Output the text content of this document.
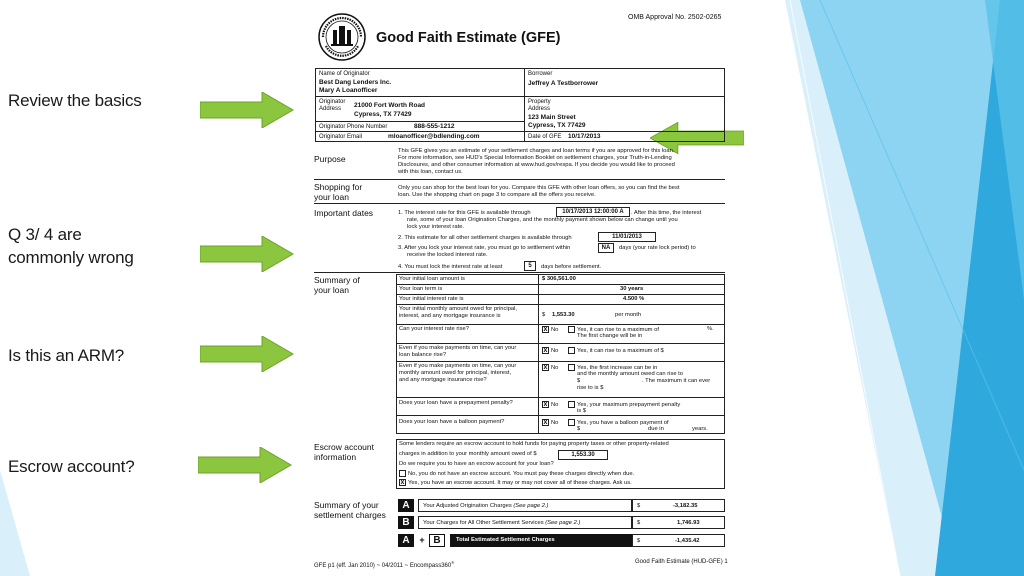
Review the basics
Q 3/ 4 are
commonly wrong
Is this an ARM?
Escrow account?
OMB Approval No. 2502-0265
Good Faith Estimate (GFE)
Name of Originator
Best Dang Lenders Inc.
Mary A Loanofficer
Originator
Address 21000 Fort Worth Road
Cypress, TX 77429
Originator Phone Number	888-555-1212
Originator Email	mloanofficer@bdlending.com
Borrower
Jeffrey A Testborrower
Property
Address
123 Main Street
Cypress, TX 77429
Date of GFE 10/17/2013
Purpose
This GFE gives you an estimate of your settlement charges and loan terms if you are approved for this loan.
For more information, see HUD's Special Information Booklet on settlement charges, your Truth-in-Lending
Disclosures, and other consumer information at www.hud.gov/respa. If you decide you would like to proceed
with this loan, contact us.
Shopping for
your loan
Only you can shop for the best loan for you. Compare this GFE with other loan offers, so you can find the best
loan. Use the shopping chart on page 3 to compare all the offers you receive.
Important dates	1. The interest rate for this GFE is available through	10/17/2013 12:00:00 A	. After this time, the interest
rate, some of your loan Origination Charges, and the monthly payment shown below can change until you
lock your interest rate.
2. This estimate for all other settlement charges is available through	11/01/2013
3. After you lock your interest rate, you must go to settlement within	NA	days (your rate lock period) to
receive the locked interest rate.
4. You must lock the interest rate at least	5	days before settlement.
Summary of
your loan
Your initial loan amount is	$ 306,561.00
Your loan term is	30 years
Your initial interest rate is	4.500 %
Your initial monthly amount owed for principal,
interest, and any mortgage insurance is	$	1,553.30	per month
Can your interest rate rise?	x No	Yes, it can rise to a maximum of	%.
The first change will be in
Even if you make payments on time, can your
loan balance rise?
x No	Yes, it can rise to a maximum of $
Even if you make payments on time, can your
monthly amount owed for principal, interest,
and any mortgage insurance rise?
x No	Yes, the first increase can be in
and the monthly amount owed can rise to
$	. The maximum it can ever
rise to is $
Does your loan have a prepayment penalty?	x No	Yes, your maximum prepayment penalty
is $
Does your loan have a balloon payment?	x No	Yes, you have a balloon payment of
$	due in	years.
Escrow account
information
Some lenders require an escrow account to hold funds for paying property taxes or other property-related
charges in addition to your monthly amount owed of $	1,553.30
Do we require you to have an escrow account for your loan?
No, you do not have an escrow account. You must pay these charges directly when due.
x Yes, you have an escrow account. It may or may not cover all of these charges. Ask us.
Summary of your
settlement charges
A	Your Adjusted Origination Charges (See page 2.)	$	-3,182.35
B	Your Charges for All Other Settlement Services (See page 2.)	$	1,746.93
A	+ B	Total Estimated Settlement Charges	$	-1,435.42
GFE p1 (eff. Jan 2010) ~ 04/2011 ~ Encompass360®	Good Faith Estimate (HUD-GFE) 1
